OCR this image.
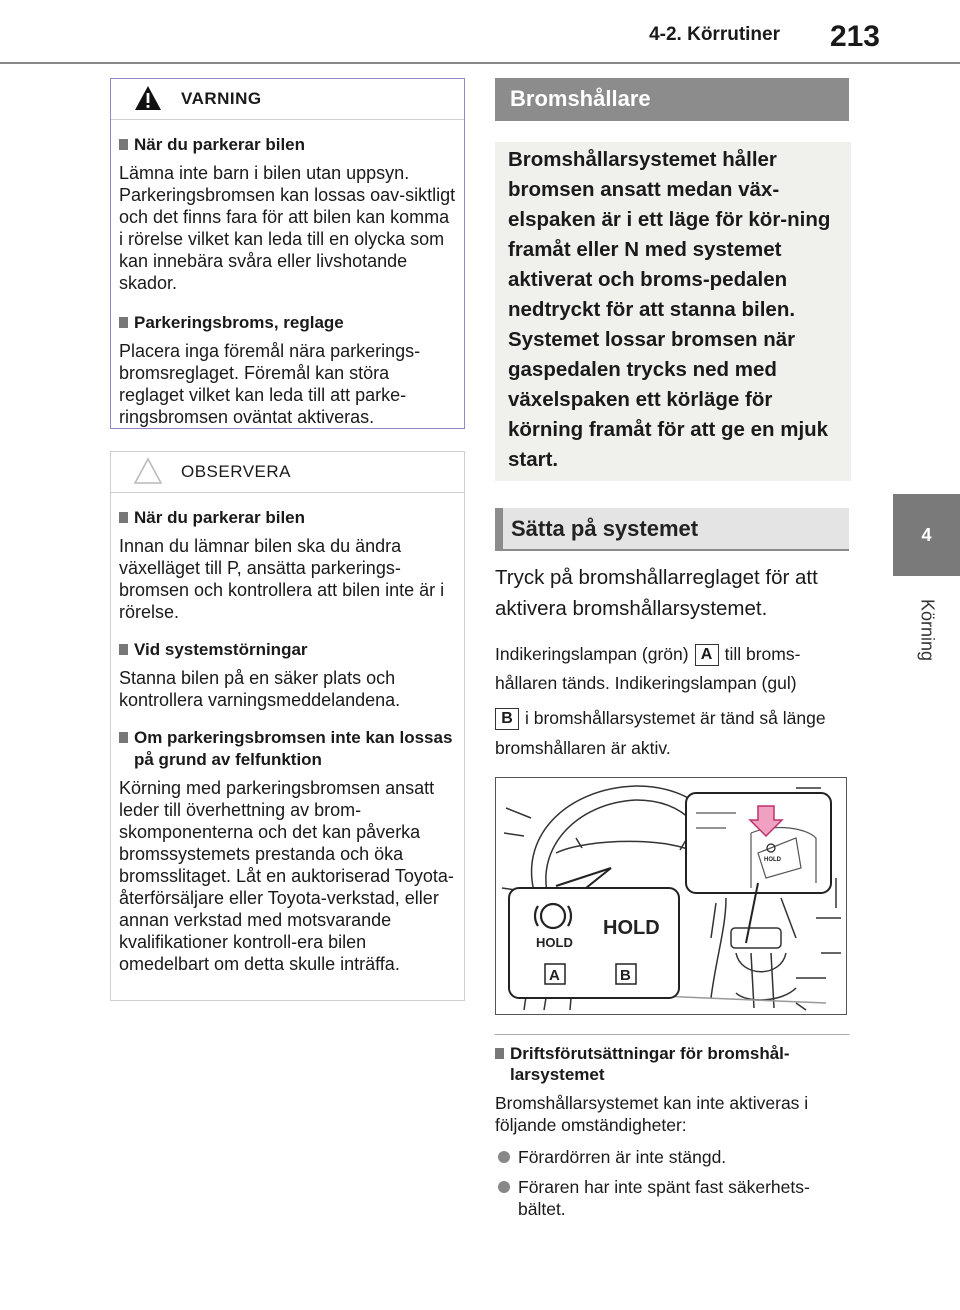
4-2. Körrutiner 213
4
Körning
VARNING
När du parkerar bilen

Lämna inte barn i bilen utan uppsyn. Parkeringsbromsen kan lossas oav-siktligt och det finns fara för att bilen kan komma i rörelse vilket kan leda till en olycka som kan innebära svåra eller livshotande skador.

Parkeringsbroms, reglage

Placera inga föremål nära parkerings-bromsreglaget. Föremål kan störa reglaget vilket kan leda till att parke-ringsbromsen oväntat aktiveras.

OBSERVERA
När du parkerar bilen

Innan du lämnar bilen ska du ändra växelläget till P, ansätta parkerings-bromsen och kontrollera att bilen inte är i rörelse.

Vid systemstörningar

Stanna bilen på en säker plats och kontrollera varningsmeddelandena.

Om parkeringsbromsen inte kan lossas på grund av felfunktion

Körning med parkeringsbromsen ansatt leder till överhettning av brom-skomponenterna och det kan påverka bromssystemets prestanda och öka bromsslitaget. Låt en auktoriserad Toyota-återförsäljare eller Toyota-verkstad, eller annan verkstad med motsvarande kvalifikationer kontroll-era bilen omedelbart om detta skulle inträffa.

Bromshållare
Bromshållarsystemet håller bromsen ansatt medan väx-elspaken är i ett läge för kör-ning framåt eller N med systemet aktiverat och broms-pedalen nedtryckt för att stanna bilen. Systemet lossar bromsen när gaspedalen trycks ned med växelspaken ett körläge för körning framåt för att ge en mjuk start.
Sätta på systemet
Tryck på bromshållarreglaget för att aktivera bromshållarsystemet.
Indikeringslampan (grön) A till broms-hållaren tänds. Indikeringslampan (gul)
B i bromshållarsystemet är tänd så länge bromshållaren är aktiv.
HOLD
HOLD
HOLD
A	B
Driftsförutsättningar för bromshål-larsystemet
Bromshållarsystemet kan inte aktiveras i följande omständigheter:
Förardörren är inte stängd.
Föraren har inte spänt fast säkerhets-bältet.
